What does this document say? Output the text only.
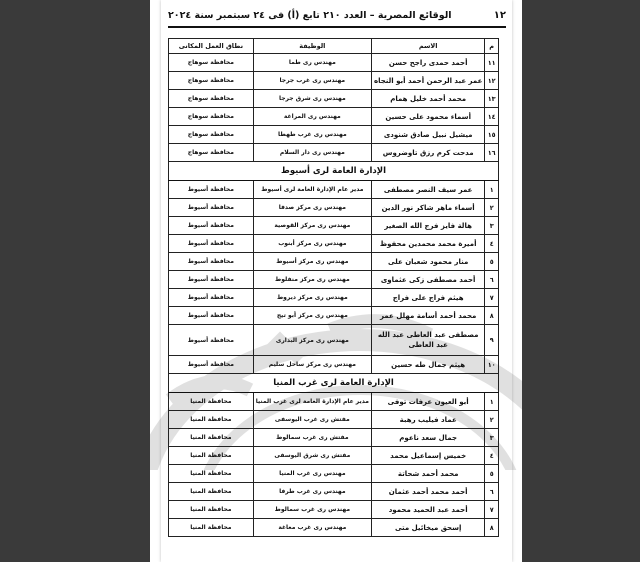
١٢
الوقائع المصرية – العدد ٢١٠ تابع (أ) فى ٢٤ سبتمبر سنة ٢٠٢٤
م	الاسم	الوظيفة	نطاق العمل المكانى
١١	أحمد حمدى راجح حسن	مهندس رى طما	محافظة سوهاج
١٢	عمر عبد الرحمن أحمد أبو النجاه	مهندس رى غرب جرجا	محافظة سوهاج
١٣	محمد أحمد خليل همام	مهندس رى شرق جرجا	محافظة سوهاج
١٤	أسماء محمود على حسين	مهندس رى المراغة	محافظة سوهاج
١٥	ميشيل نبيل صادق شنودى	مهندس رى غرب طهطا	محافظة سوهاج
١٦	مدحت كرم رزق تاوضروس	مهندس رى دار السلام	محافظة سوهاج
الإدارة العامة لرى أسيوط			
١	عمر سيف النصر مصطفى	مدير عام الإدارة العامة لرى أسيوط	محافظة أسيوط
٢	أسماء ماهر شاكر نور الدين	مهندس رى مركز صدفا	محافظة أسيوط
٣	هالة فايز فرج الله الصغير	مهندس رى مركز القوصية	محافظة أسيوط
٤	أميرة محمد محمدين محفوظ	مهندس رى مركز أبنوب	محافظة أسيوط
٥	منار محمود شعبان على	مهندس رى مركز أسيوط	محافظة أسيوط
٦	أحمد مصطفى زكى عثماوى	مهندس رى مركز منفلوط	محافظة أسيوط
٧	هيثم فراج على فراج	مهندس رى مركز ديروط	محافظة أسيوط
٨	محمد أحمد أسامة مهلل عمر	مهندس رى مركز أبو تيج	محافظة أسيوط
٩	مصطفى عبد العاطى عبد الله عبد العاطى	مهندس رى مركز البدارى	محافظة أسيوط
١٠	هيثم جمال طه حسين	مهندس رى مركز ساحل سليم	محافظة أسيوط
الإدارة العامة لرى غرب المنيا			
١	أبو العيون عرفات توفى	مدير عام الإدارة العامة لرى غرب المنيا	محافظة المنيا
٢	عماد فيليب رهبة	مفتش رى غرب اليوسفى	محافظة المنيا
٣	جمال سعد ناعوم	مفتش رى غرب سمالوط	محافظة المنيا
٤	خميس إسماعيل محمد	مفتش رى شرق اليوسفى	محافظة المنيا
٥	محمد أحمد شحاتة	مهندس رى غرب المنيا	محافظة المنيا
٦	أحمد محمد أحمد عثمان	مهندس رى غرب طرفا	محافظة المنيا
٧	أحمد عبد الحميد محمود	مهندس رى غرب سمالوط	محافظة المنيا
٨	إسحق ميخائيل متى	مهندس رى غرب مغاغة	محافظة المنيا
